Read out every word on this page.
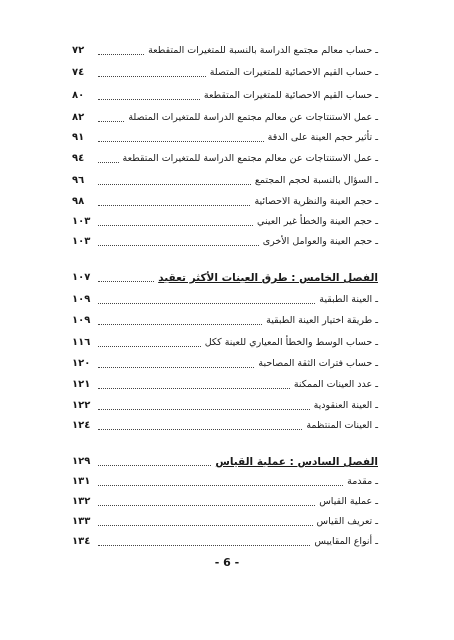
ـ حساب معالم مجتمع الدراسة بالنسبة للمتغيرات المتقطعة
٧٢
ـ حساب القيم الاحصائية للمتغيرات المتصلة
٧٤
ـ حساب القيم الاحصائية للمتغيرات المتقطعة
٨٠
ـ عمل الاستنتاجات عن معالم مجتمع الدراسة للمتغيرات المتصلة
٨٢
ـ تأثير حجم العينة على الدقة
٩١
ـ عمل الاستنتاجات عن معالم مجتمع الدراسة للمتغيرات المتقطعة
٩٤
ـ السؤال بالنسبة لحجم المجتمع
٩٦
ـ حجم العينة والنظرية الاحصائية
٩٨
ـ حجم العينة والخطأ غير العيني
١٠٣
ـ حجم العينة والعوامل الأخرى
١٠٣
الفصل الخامس : طرق العينات الأكثر تعقيد
١٠٧
ـ العينة الطبقية
١٠٩
ـ طريقة اختيار العينة الطبقية
١٠٩
ـ حساب الوسط والخطأ المعياري للعينة ككل
١١٦
ـ حساب فترات الثقة المصاحبة
١٢٠
ـ عدد العينات الممكنة
١٢١
ـ العينة العنقودية
١٢٢
ـ العينات المنتظمة
١٢٤
الفصل السادس : عملية القياس
١٢٩
ـ مقدمة
١٣١
ـ عملية القياس
١٣٢
ـ تعريف القياس
١٣٣
ـ أنواع المقاييس
١٣٤
- 6 -
